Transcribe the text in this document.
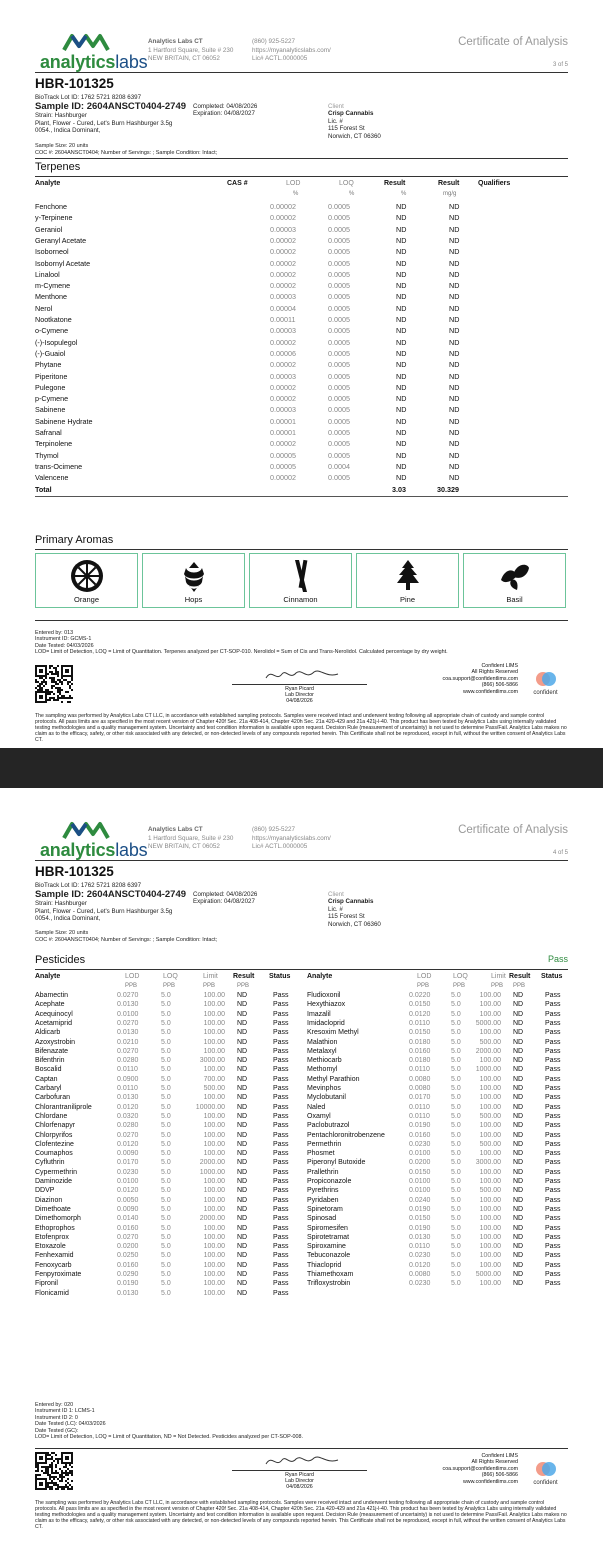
analyticslabs
Analytics Labs CT
1 Hartford Square, Suite # 230
NEW BRITAIN, CT 06052
(860) 925-5227
https://myanalyticslabs.com/
Lic# ACTL.0000005
Certificate of Analysis
3 of 5
HBR-101325
BioTrack Lot ID: 1762 5721 8208 6397
Sample ID: 2604ANSCT0404-2749
Strain: Hashburger
Plant, Flower - Cured, Let's Burn Hashburger 3.5g
0054., Indica Dominant,
Completed: 04/08/2026
Expiration: 04/08/2027
Client
Crisp Cannabis
Lic. #
115 Forest St
Norwich, CT 06360
Sample Size: 20 units
COC #: 2604ANSCT0404; Number of Servings: ; Sample Condition: Intact;
Terpenes
Analyte	CAS #	LOD	LOQ	Result	Result	Qualifiers
%	%	%	mg/g
Fenchone	0.00002	0.0005	ND	ND
y-Terpinene	0.00002	0.0005	ND	ND
Geraniol	0.00003	0.0005	ND	ND
Geranyl Acetate	0.00002	0.0005	ND	ND
Isoborneol	0.00002	0.0005	ND	ND
Isobornyl Acetate	0.00002	0.0005	ND	ND
Linalool	0.00002	0.0005	ND	ND
m-Cymene	0.00002	0.0005	ND	ND
Menthone	0.00003	0.0005	ND	ND
Nerol	0.00004	0.0005	ND	ND
Nootkatone	0.00011	0.0005	ND	ND
o-Cymene	0.00003	0.0005	ND	ND
(-)-Isopulegol	0.00002	0.0005	ND	ND
(-)-Guaiol	0.00006	0.0005	ND	ND
Phytane	0.00002	0.0005	ND	ND
Piperitone	0.00003	0.0005	ND	ND
Pulegone	0.00002	0.0005	ND	ND
p-Cymene	0.00002	0.0005	ND	ND
Sabinene	0.00003	0.0005	ND	ND
Sabinene Hydrate	0.00001	0.0005	ND	ND
Safranal	0.00001	0.0005	ND	ND
Terpinolene	0.00002	0.0005	ND	ND
Thymol	0.00005	0.0005	ND	ND
trans-Ocimene	0.00005	0.0004	ND	ND
Valencene	0.00002	0.0005	ND	ND
Total	3.03	30.329
Primary Aromas
Orange	Hops	Cinnamon	Pine	Basil
Entered by: 013
Instrument ID: GCMS-1
Date Tested: 04/03/2026
LOD= Limit of Detection, LOQ = Limit of Quantitation. Terpenes analyzed per CT-SOP-010. Nerolidol = Sum of Cis and Trans-Nerolidol. Calculated percentage by dry weight.
Ryan Picard
Lab Director
04/08/2026
Confident LIMS
All Rights Reserved
coa.support@confidentlims.com
(866) 506-5866
www.confidentlims.com	confident
The sampling was performed by Analytics Labs CT LLC, in accordance with established sampling protocols. Samples were received intact and underwent testing following all appropriate chain of custody and sample control protocols. All pass limits are as specified in the most recent version of Chapter 420f Sec. 21a 408-414, Chapter 420h Sec. 21a 420-429 and 21a 421j-l-40. This product has been tested by Analytics Labs using internally validated testing methodologies and a quality management system. Uncertainty and test condition information is available upon request. Decision Rule (measurement of uncertainty) is not used to determine Pass/Fail. Analytics Labs makes no claim as to the efficacy, safety, or other risk associated with any detected, or non-detected levels of any compounds reported herein. This Certificate shall not be reproduced, except in full, without the written consent of Analytics Labs CT.
analyticslabs
Analytics Labs CT
1 Hartford Square, Suite # 230
NEW BRITAIN, CT 06052
(860) 925-5227
https://myanalyticslabs.com/
Lic# ACTL.0000005
Certificate of Analysis
4 of 5
HBR-101325
BioTrack Lot ID: 1762 5721 8208 6397
Sample ID: 2604ANSCT0404-2749
Strain: Hashburger
Plant, Flower - Cured, Let's Burn Hashburger 3.5g
0054., Indica Dominant,
Completed: 04/08/2026
Expiration: 04/08/2027
Client
Crisp Cannabis
Lic. #
115 Forest St
Norwich, CT 06360
Sample Size: 20 units
COC #: 2604ANSCT0404; Number of Servings: ; Sample Condition: Intact;
Pesticides	Pass
Analyte	LOD	LOQ	Limit Result Status
PPB	PPB	PPB	PPB
Analyte	LOD	LOQ	Limit Result Status
PPB	PPB	PPB PPB
Abamectin	0.0270	5.0	100.00 ND	Pass
Acephate	0.0130	5.0	100.00 ND	Pass
Acequinocyl	0.0100	5.0	100.00 ND	Pass
Acetamiprid	0.0270	5.0	100.00 ND	Pass
Aldicarb	0.0130	5.0	100.00 ND	Pass
Azoxystrobin	0.0210	5.0	100.00 ND	Pass
Bifenazate	0.0270	5.0	100.00 ND	Pass
Bifenthrin	0.0280	5.0	3000.00 ND	Pass
Boscalid	0.0110	5.0	100.00 ND	Pass
Captan	0.0900	5.0	700.00 ND	Pass
Carbaryl	0.0110	5.0	500.00 ND	Pass
Carbofuran	0.0130	5.0	100.00 ND	Pass
Chlorantraniliprole	0.0120	5.0	10000.00 ND	Pass
Chlordane	0.0320	5.0	100.00 ND	Pass
Chlorfenapyr	0.0280	5.0	100.00 ND	Pass
Chlorpyrifos	0.0270	5.0	100.00 ND	Pass
Clofentezine	0.0120	5.0	100.00 ND	Pass
Coumaphos	0.0090	5.0	100.00 ND	Pass
Cyfluthrin	0.0170	5.0	2000.00 ND	Pass
Cypermethrin	0.0230	5.0	1000.00 ND	Pass
Daminozide	0.0100	5.0	100.00 ND	Pass
DDVP	0.0120	5.0	100.00 ND	Pass
Diazinon	0.0050	5.0	100.00 ND	Pass
Dimethoate	0.0090	5.0	100.00 ND	Pass
Dimethomorph	0.0140	5.0	2000.00 ND	Pass
Ethoprophos	0.0160	5.0	100.00 ND	Pass
Etofenprox	0.0270	5.0	100.00 ND	Pass
Etoxazole	0.0200	5.0	100.00 ND	Pass
Fenhexamid	0.0250	5.0	100.00 ND	Pass
Fenoxycarb	0.0160	5.0	100.00 ND	Pass
Fenpyroximate	0.0290	5.0	100.00 ND	Pass
Fipronil	0.0190	5.0	100.00 ND	Pass
Flonicamid	0.0130	5.0	100.00 ND	Pass
Fludioxonil	0.0220	5.0	100.00 ND	Pass
Hexythiazox	0.0150	5.0	100.00 ND	Pass
Imazalil	0.0120	5.0	100.00 ND	Pass
Imidacloprid	0.0110	5.0 5000.00 ND	Pass
Kresoxim Methyl	0.0150	5.0	100.00 ND	Pass
Malathion	0.0180	5.0	500.00 ND	Pass
Metalaxyl	0.0160	5.0 2000.00 ND	Pass
Methiocarb	0.0180	5.0	100.00 ND	Pass
Methomyl	0.0110	5.0 1000.00 ND	Pass
Methyl Parathion	0.0080	5.0	100.00 ND	Pass
Mevinphos	0.0080	5.0	100.00 ND	Pass
Myclobutanil	0.0170	5.0	100.00 ND	Pass
Naled	0.0110	5.0	100.00 ND	Pass
Oxamyl	0.0110	5.0	500.00 ND	Pass
Paclobutrazol	0.0190	5.0	100.00 ND	Pass
Pentachloronitrobenzene	0.0160	5.0	100.00 ND	Pass
Permethrin	0.0230	5.0	500.00 ND	Pass
Phosmet	0.0100	5.0	100.00 ND	Pass
Piperonyl Butoxide	0.0200	5.0 3000.00 ND	Pass
Prallethrin	0.0150	5.0	100.00 ND	Pass
Propiconazole	0.0100	5.0	100.00 ND	Pass
Pyrethrins	0.0100	5.0	500.00 ND	Pass
Pyridaben	0.0240	5.0	100.00 ND	Pass
Spinetoram	0.0190	5.0	100.00 ND	Pass
Spinosad	0.0150	5.0	100.00 ND	Pass
Spiromesifen	0.0190	5.0	100.00 ND	Pass
Spirotetramat	0.0130	5.0	100.00 ND	Pass
Spiroxamine	0.0110	5.0	100.00 ND	Pass
Tebuconazole	0.0230	5.0	100.00 ND	Pass
Thiacloprid	0.0120	5.0	100.00 ND	Pass
Thiamethoxam	0.0080	5.0 5000.00 ND	Pass
Trifloxystrobin	0.0230	5.0	100.00 ND	Pass
Entered by: 020
Instrument ID 1: LCMS-1
Instrument ID 2: 0
Date Tested (LC): 04/03/2026
Date Tested (GC):
LOD= Limit of Detection, LOQ = Limit of Quantitation, ND = Not Detected. Pesticides analyzed per CT-SOP-008.
Ryan Picard
Lab Director
04/08/2026
Confident LIMS
All Rights Reserved
coa.support@confidentlims.com
(866) 506-5866
www.confidentlims.com	confident
The sampling was performed by Analytics Labs CT LLC, in accordance with established sampling protocols. Samples were received intact and underwent testing following all appropriate chain of custody and sample control protocols. All pass limits are as specified in the most recent version of Chapter 420f Sec. 21a 408-414, Chapter 420h Sec. 21a 420-429 and 21a 421j-l-40. This product has been tested by Analytics Labs using internally validated testing methodologies and a quality management system. Uncertainty and test condition information is available upon request. Decision Rule (measurement of uncertainty) is not used to determine Pass/Fail. Analytics Labs makes no claim as to the efficacy, safety, or other risk associated with any detected, or non-detected levels of any compounds reported herein. This Certificate shall not be reproduced, except in full, without the written consent of Analytics Labs CT.
